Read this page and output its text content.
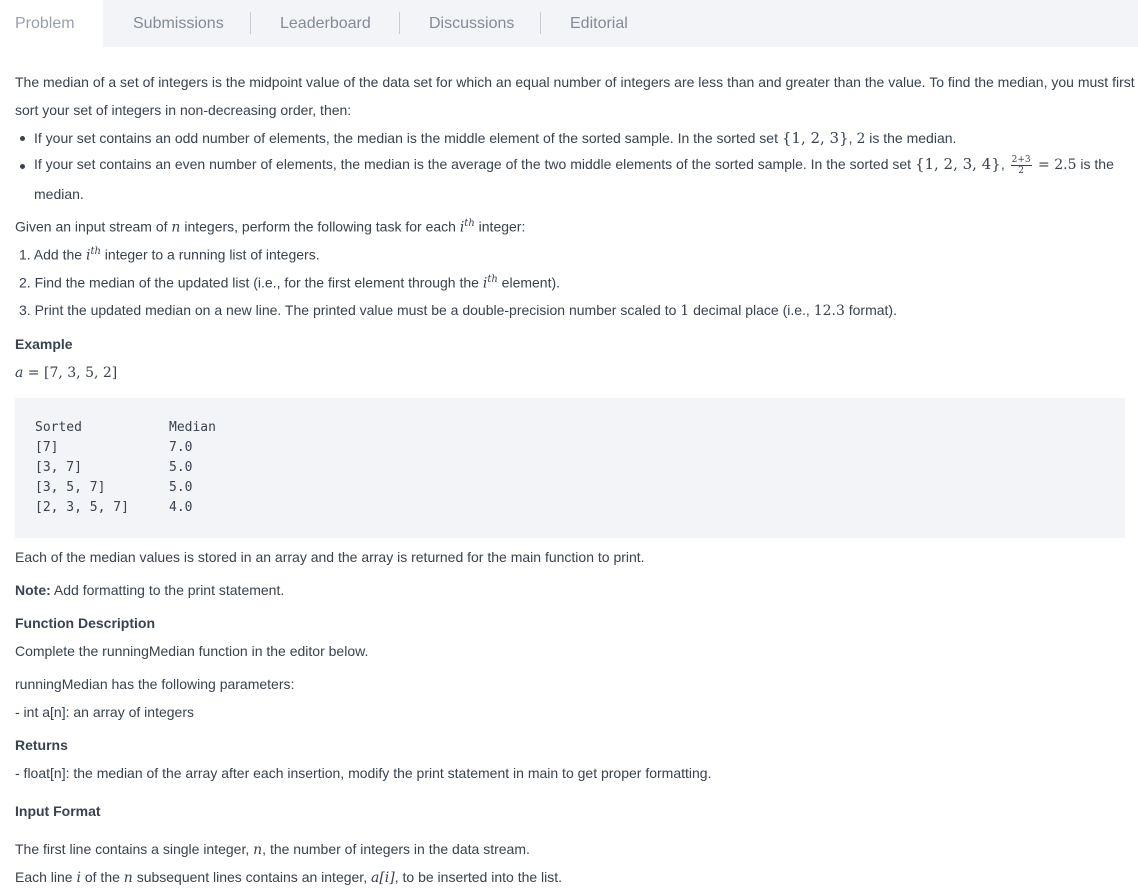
Problem	Submissions	Leaderboard	Discussions	Editorial
The median of a set of integers is the midpoint value of the data set for which an equal number of integers are less than and greater than the value. To find the median, you must first
sort your set of integers in non-decreasing order, then:
If your set contains an odd number of elements, the median is the middle element of the sorted sample. In the sorted set {1, 2, 3}, 2 is the median.
If your set contains an even number of elements, the median is the average of the two middle elements of the sorted sample. In the sorted set {1, 2, 3, 4}, $\frac{2+3}{2} = 2.5$ is the
median.
Given an input stream of n integers, perform the following task for each $i^{th}$ integer:
1. Add the $i^{th}$ integer to a running list of integers.
2. Find the median of the updated list (i.e., for the first element through the $i^{th}$ element).
3. Print the updated median on a new line. The printed value must be a double-precision number scaled to 1 decimal place (i.e., 12.3 format).
Example
a = [7, 3, 5, 2]
Sorted	Median
[7]	7.0
[3, 7]	5.0
[3, 5, 7]	5.0
[2, 3, 5, 7]	4.0
Each of the median values is stored in an array and the array is returned for the main function to print.
Note: Add formatting to the print statement.
Function Description
Complete the runningMedian function in the editor below.
runningMedian has the following parameters:
- int a[n]: an array of integers
Returns
- float[n]: the median of the array after each insertion, modify the print statement in main to get proper formatting.
Input Format
The first line contains a single integer, n, the number of integers in the data stream.
Each line i of the n subsequent lines contains an integer, a[i], to be inserted into the list.
